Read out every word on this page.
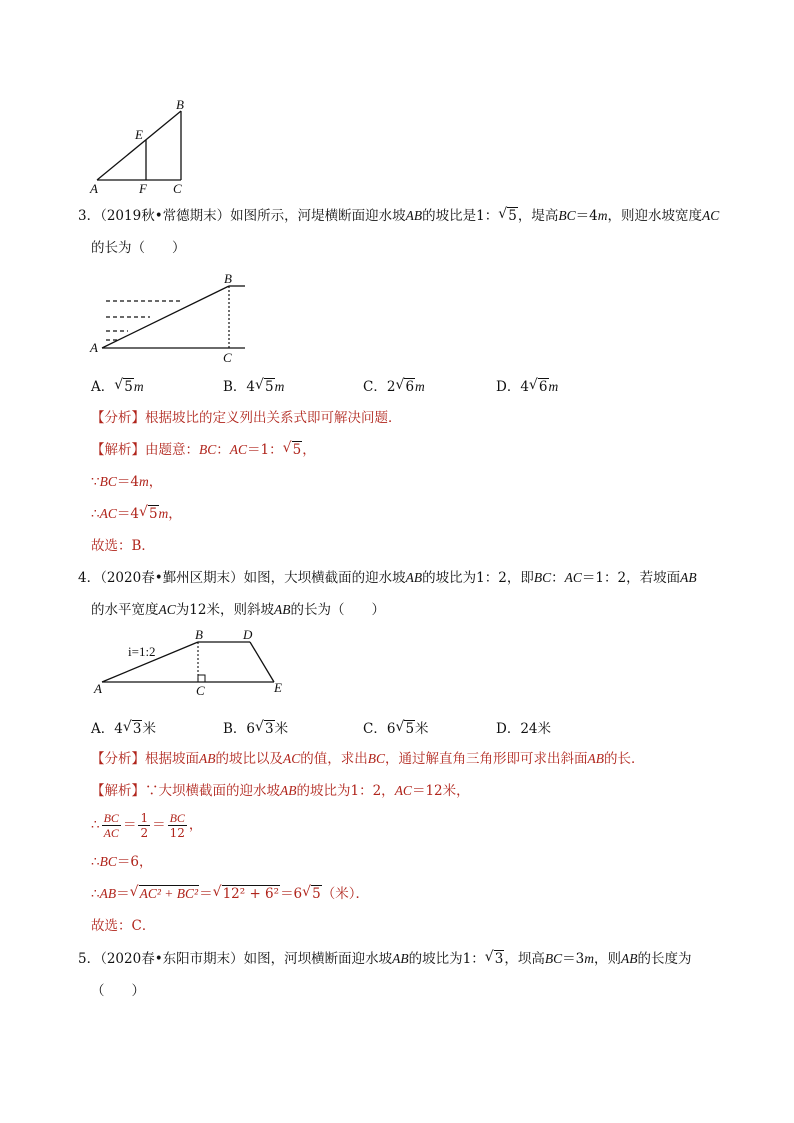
B
E
A	F C
3．（2019秋•常德期末）如图所示，河堤横断面迎水坡AB的坡比是1： √ 5，堤高BC＝4m，则迎水坡宽度AC
的长为（　　）
B
A
C
A． √ 5m	B．4 √ 5m	C．2 √ 6m	D．4 √ 6m
【分析】根据坡比的定义列出关系式即可解决问题．
【解析】由题意：BC：AC＝1： √ 5，
∵BC＝4m，
∴AC＝4 √ 5m，
故选：B．
4．（2020春•鄞州区期末）如图，大坝横截面的迎水坡AB的坡比为1：2，即BC：AC＝1：2，若坡面AB
的水平宽度AC为12米，则斜坡AB的长为（　　）
i=1:2
B	D
A	C	E
A．4 √ 3米	B．6 √ 3米	C．6 √ 5米	D．24米
【分析】根据坡面AB的坡比以及AC的值，求出BC，通过解直角三角形即可求出斜面AB的长．
【解析】∵大坝横截面的迎水坡AB的坡比为1：2，AC＝12米，
∴ $\frac{BC}{AC} = \frac{1}{2} = \frac{BC}{12}$ ，
∴BC＝6，
∴AB＝ √ AC² + BC²＝ √ 12² + 6²＝6 √ 5（米）．
故选：C．
5．（2020春•东阳市期末）如图，河坝横断面迎水坡AB的坡比为1： √ 3，坝高BC＝3m，则AB的长度为
（　　）
